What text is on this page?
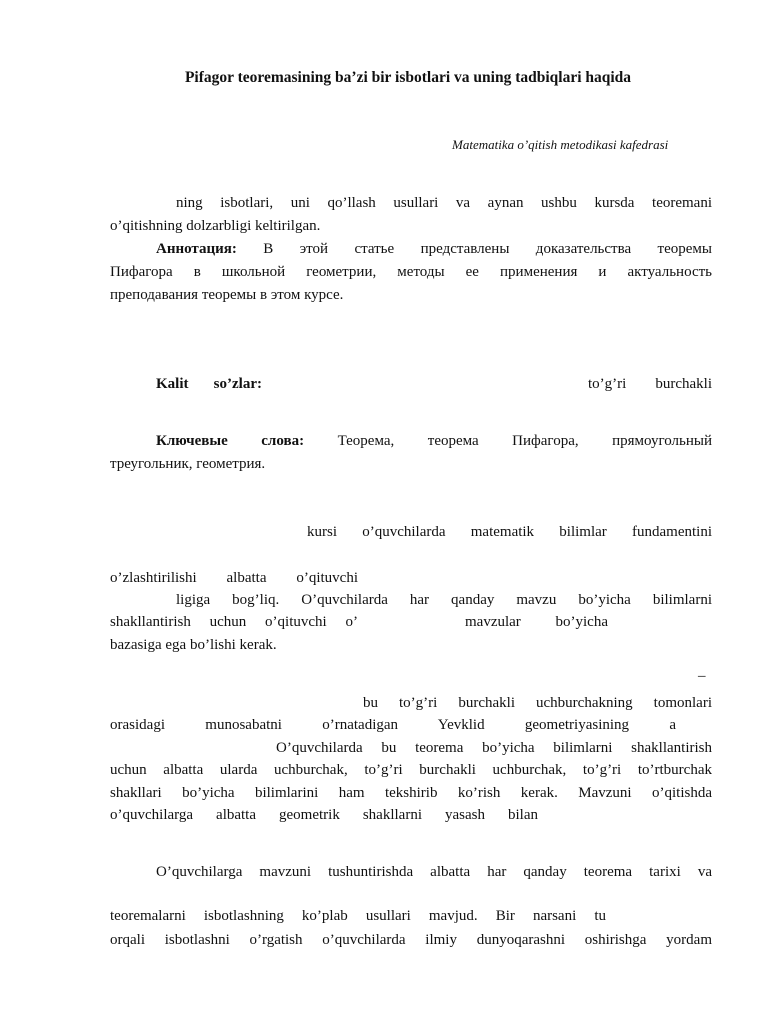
Pifagor teoremasining ba’zi bir isbotlari va uning tadbiqlari haqida
Matematika o’qitish metodikasi kafedrasi
ning isbotlari, uni qo’llash usullari va aynan ushbu kursda teoremani
o’qitishning dolzarbligi keltirilgan.
Аннотация: В этой статье представлены доказательства теоремы
Пифагора в школьной геометрии, методы ее применения и актуальность
преподавания теоремы в этом курсе.
Kalit so’zlar:	to’g’ri burchakli
Ключевые слова: Теорема, теорема Пифагора, прямоугольный
треугольник, геометрия.
kursi o’quvchilarda matematik bilimlar fundamentini
o’zlashtirilishi albatta o’qituvchi
ligiga bog’liq. O’quvchilarda har qanday mavzu bo’yicha bilimlarni
shakllantirish uchun o’qituvchi o’	mavzular bo’yicha
bazasiga ega bo’lishi kerak.
–
bu to’g’ri burchakli uchburchakning tomonlari
orasidagi munosabatni o’rnatadigan Yevklid geometriyasining a
O’quvchilarda bu teorema bo’yicha bilimlarni shakllantirish
uchun albatta ularda uchburchak, to’g’ri burchakli uchburchak, to’g’ri to’rtburchak
shakllari bo’yicha bilimlarini ham tekshirib ko’rish kerak. Mavzuni o’qitishda
o’quvchilarga albatta geometrik shakllarni yasash bilan
O’quvchilarga mavzuni tushuntirishda albatta har qanday teorema tarixi va
teoremalarni isbotlashning ko’plab usullari mavjud. Bir narsani tu
orqali isbotlashni o’rgatish o’quvchilarda ilmiy dunyoqarashni oshirishga yordam
